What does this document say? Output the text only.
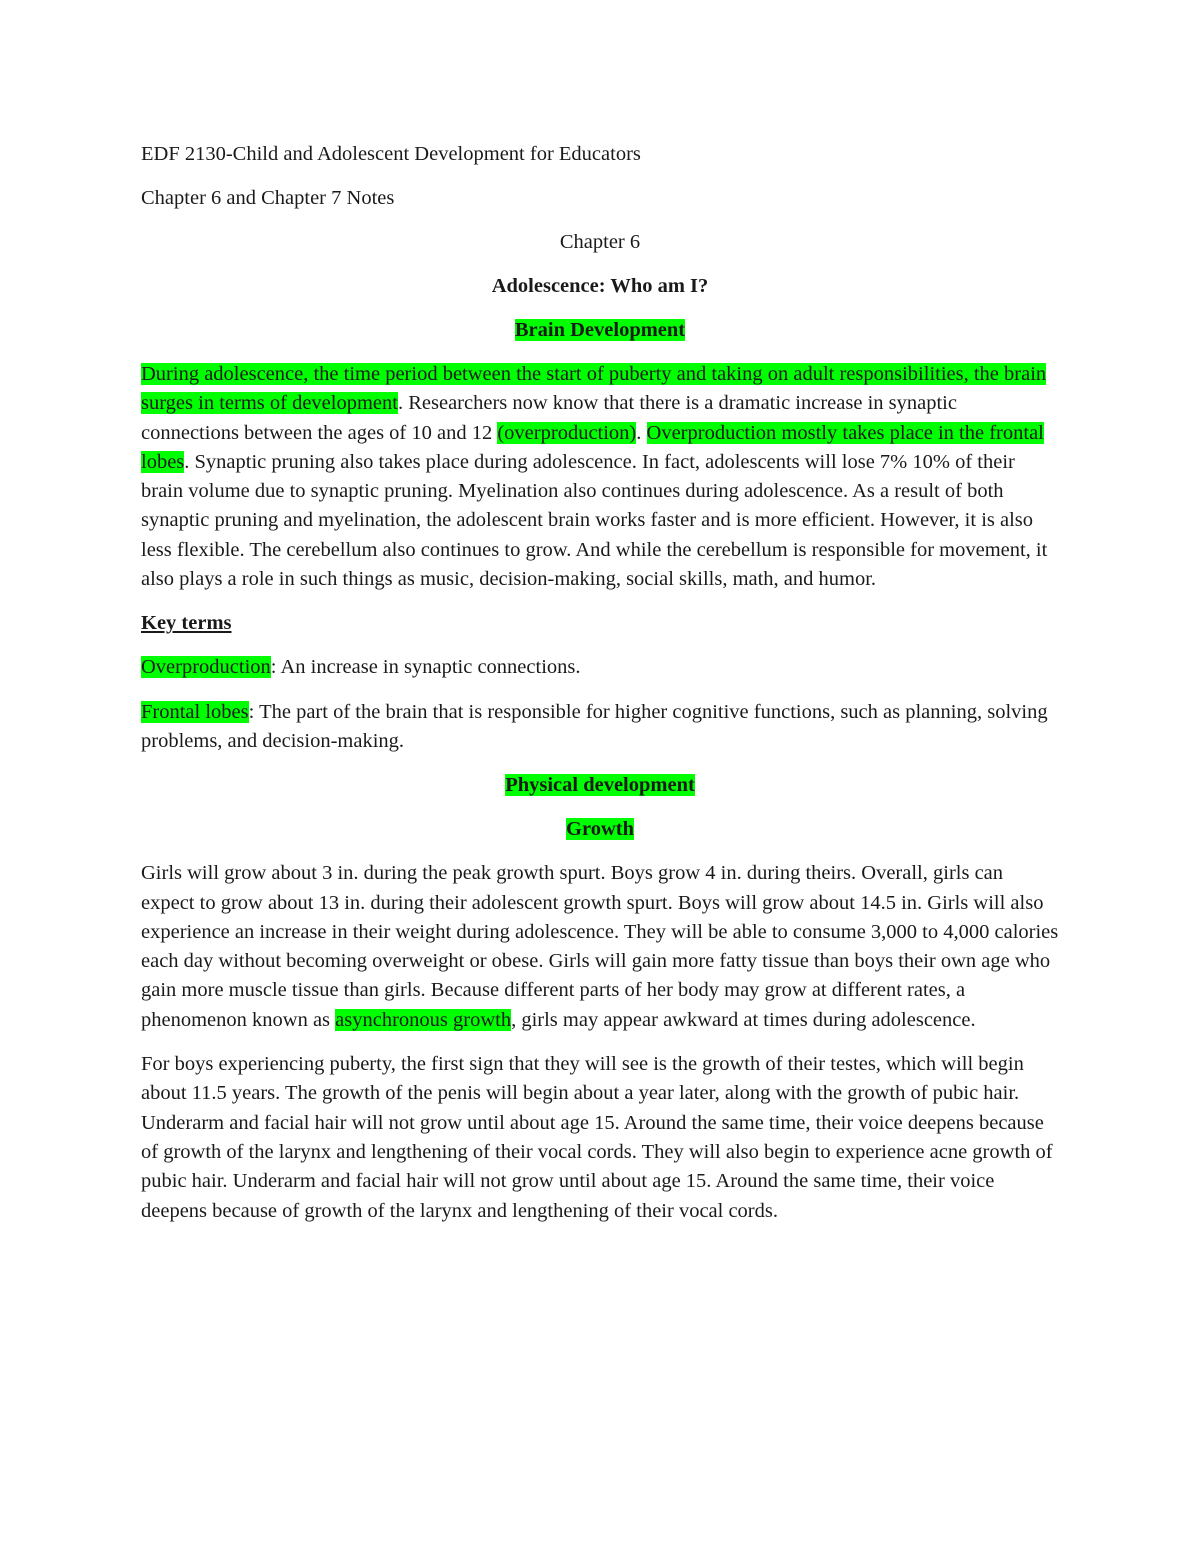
EDF 2130-Child and Adolescent Development for Educators

Chapter 6 and Chapter 7 Notes

Chapter 6

Adolescence: Who am I?

Brain Development

During adolescence, the time period between the start of puberty and taking on adult responsibilities, the brain surges in terms of development. Researchers now know that there is a dramatic increase in synaptic connections between the ages of 10 and 12 (overproduction). Overproduction mostly takes place in the frontal lobes. Synaptic pruning also takes place during adolescence. In fact, adolescents will lose 7% 10% of their brain volume due to synaptic pruning. Myelination also continues during adolescence. As a result of both synaptic pruning and myelination, the adolescent brain works faster and is more efficient. However, it is also less flexible. The cerebellum also continues to grow. And while the cerebellum is responsible for movement, it also plays a role in such things as music, decision-making, social skills, math, and humor.

Key terms

Overproduction: An increase in synaptic connections.

Frontal lobes: The part of the brain that is responsible for higher cognitive functions, such as planning, solving problems, and decision-making.

Physical development

Growth

Girls will grow about 3 in. during the peak growth spurt. Boys grow 4 in. during theirs. Overall, girls can expect to grow about 13 in. during their adolescent growth spurt. Boys will grow about 14.5 in. Girls will also experience an increase in their weight during adolescence. They will be able to consume 3,000 to 4,000 calories each day without becoming overweight or obese. Girls will gain more fatty tissue than boys their own age who gain more muscle tissue than girls. Because different parts of her body may grow at different rates, a phenomenon known as asynchronous growth, girls may appear awkward at times during adolescence.

For boys experiencing puberty, the first sign that they will see is the growth of their testes, which will begin about 11.5 years. The growth of the penis will begin about a year later, along with the growth of pubic hair. Underarm and facial hair will not grow until about age 15. Around the same time, their voice deepens because of growth of the larynx and lengthening of their vocal cords. They will also begin to experience acne growth of pubic hair. Underarm and facial hair will not grow until about age 15. Around the same time, their voice deepens because of growth of the larynx and lengthening of their vocal cords.
